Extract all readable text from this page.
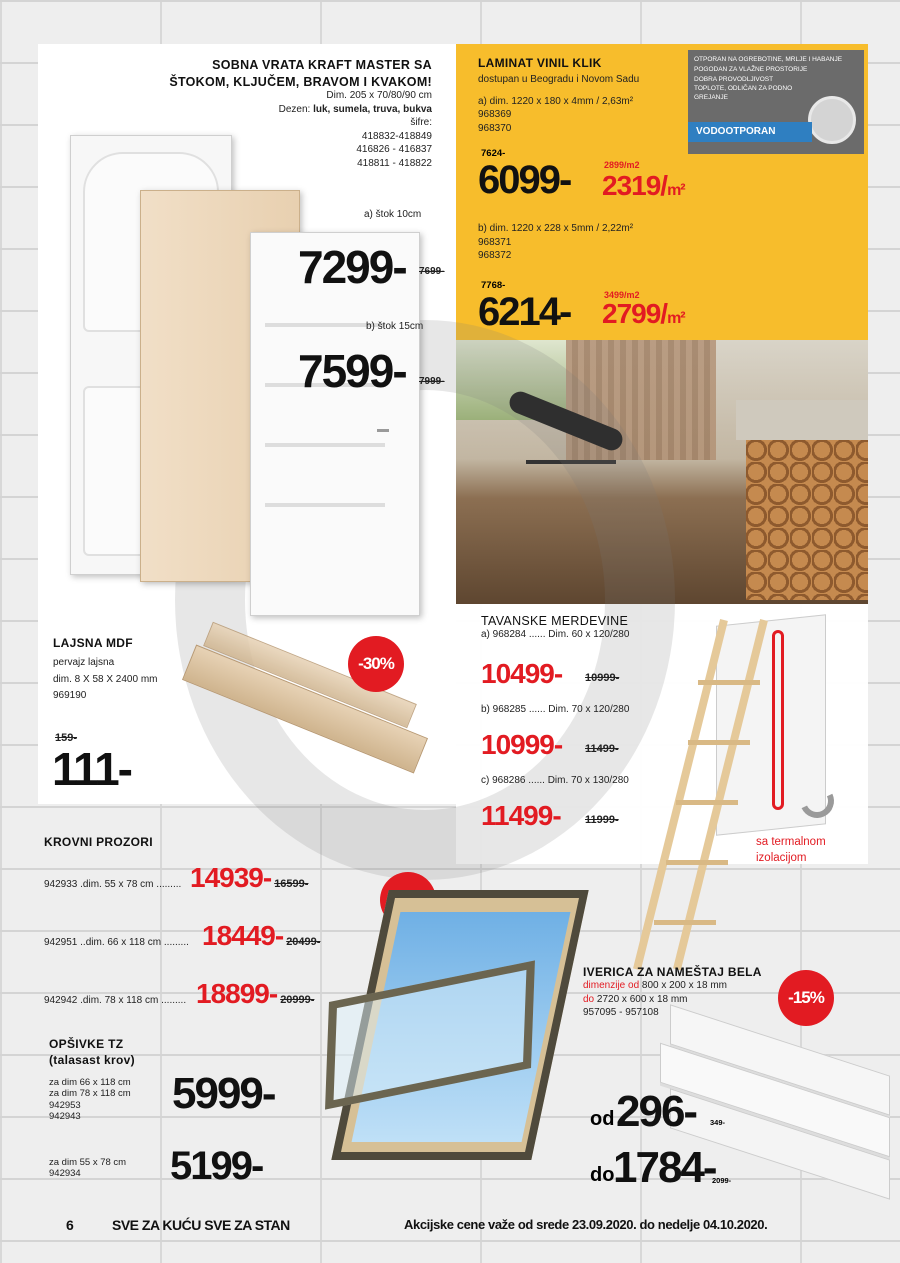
SOBNA VRATA KRAFT MASTER SA
ŠTOKOM, KLJUČEM, BRAVOM I KVAKOM!
Dim. 205 x 70/80/90 cm
Dezen: luk, sumela, truva, bukva
šifre:
418832-418849
416826 - 416837
418811 - 418822
a) štok 10cm
7299- 7699-
b) štok 15cm
7599- 7999-
LAMINAT VINIL KLIK
dostupan u Beogradu i Novom Sadu
a) dim. 1220 x 180 x 4mm / 2,63m²
968369
968370
7624-
6099-	2899/m2
2319/m²
b) dim. 1220 x 228 x 5mm / 2,22m²
968371
968372
7768-
6214-	3499/m2
2799/m²
OTPORAN NA OGREBOTINE, MRLJE I HABANJE
POGODAN ZA VLAŽNE PROSTORIJE
DOBRA PROVODLJIVOST TOPLOTE, ODLIČAN ZA PODNO GREJANJE
VODOOTPORAN
LAJSNA MDF
pervajz lajsna
dim. 8 X 58 X 2400 mm
969190
159-
111-
-30%
TAVANSKE MERDEVINE
a) 968284 ...... Dim. 60 x 120/280
10499- 10999-
b) 968285 ...... Dim. 70 x 120/280
10999- 11499-
c) 968286 ...... Dim. 70 x 130/280
11499- 11999-
sa termalnom
izolacijom
KROVNI PROZORI
942933 .dim. 55 x 78 cm ......... 14939- 16599-
942951 ..dim. 66 x 118 cm ......... 18449- 20499-
942942 .dim. 78 x 118 cm ......... 18899- 20999-
OPŠIVKE TZ
(talasast krov)
za dim 66 x 118 cm
za dim 78 x 118 cm
942953
942943	5999-
za dim 55 x 78 cm
942934	5199-
IVERICA ZA NAMEŠTAJ BELA
dimenzije od 800 x 200 x 18 mm
do 2720 x 600 x 18 mm
957095 - 957108
-15%
od 296- 349-
do
1784-
2099-
6	SVE ZA KUĆU SVE ZA STAN	Akcijske cene važe od srede 23.09.2020. do nedelje 04.10.2020.
